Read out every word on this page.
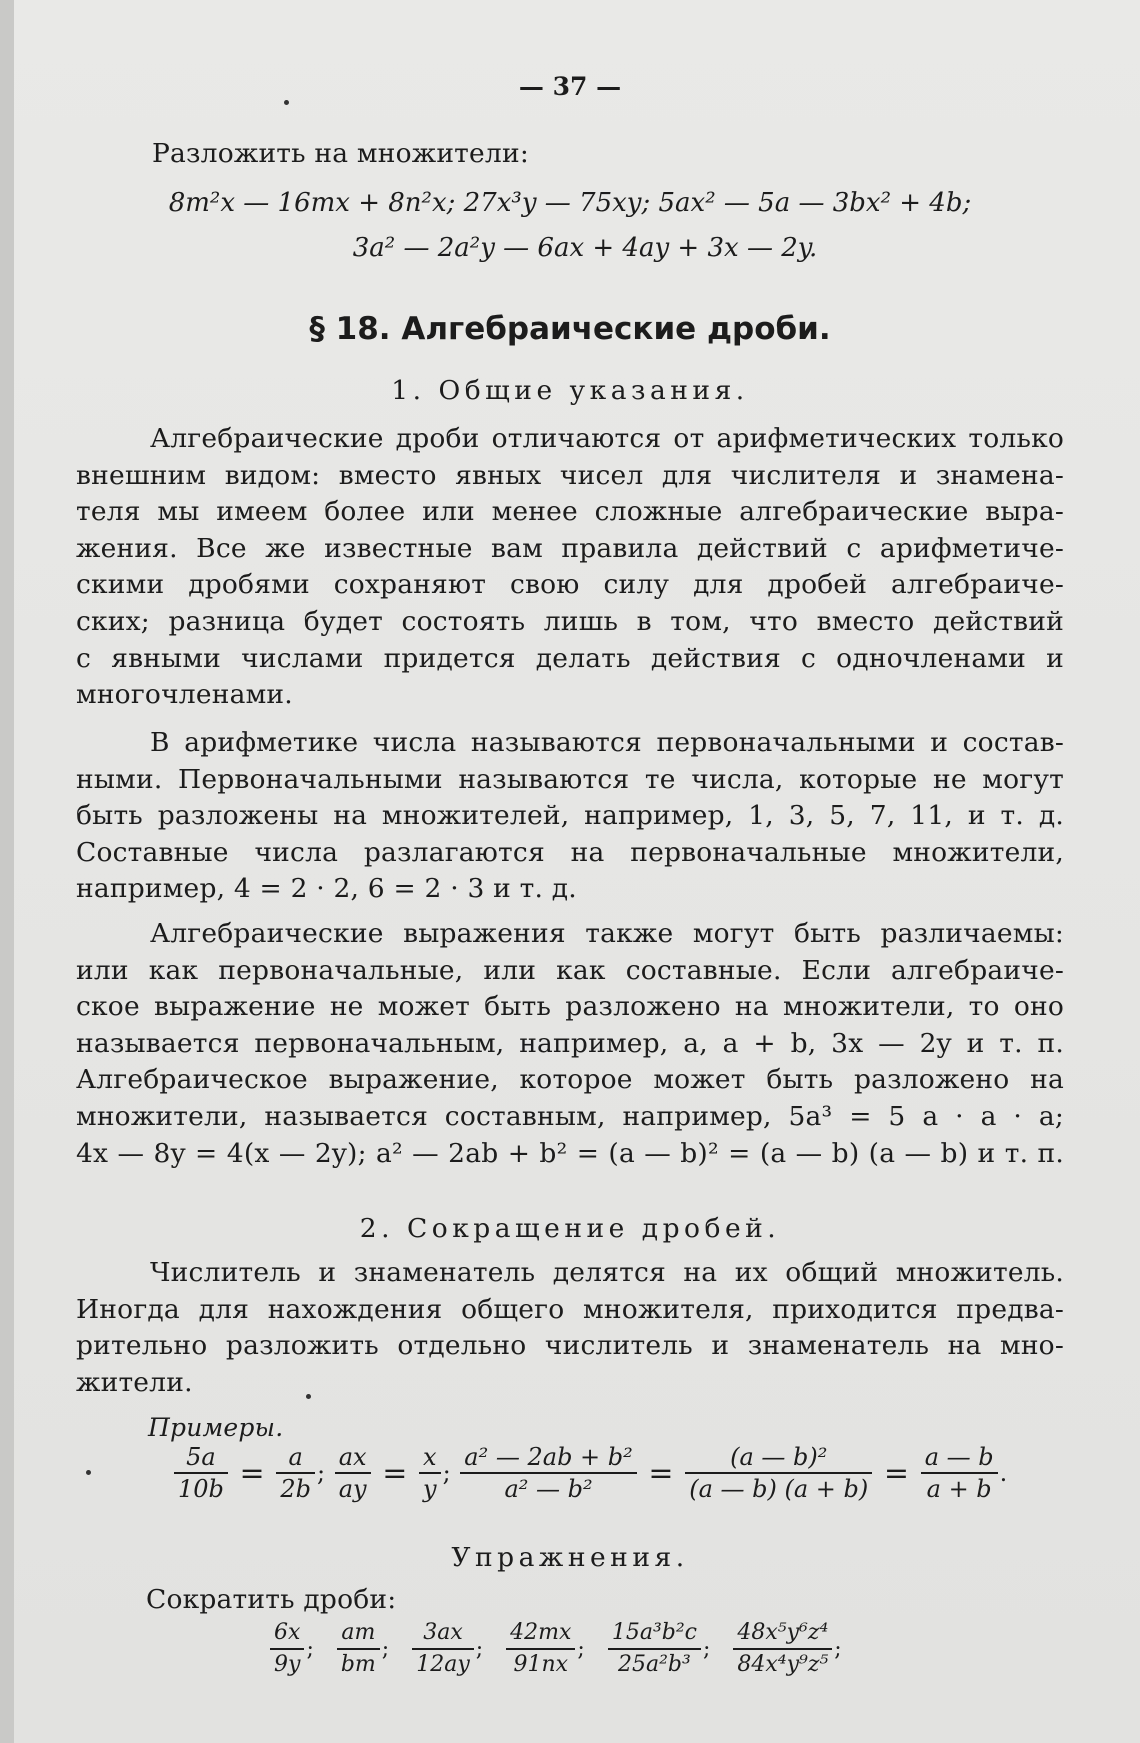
— 37 —
Разложить на множители:
8m²x — 16mx + 8n²x; 27x³y — 75xy; 5ax² — 5a — 3bx² + 4b;
3a² — 2a²y — 6ax + 4ay + 3x — 2y.
§ 18. Алгебраические дроби.
1. Общие указания.
Алгебраические дроби отличаются от арифметических только
внешним видом: вместо явных чисел для числителя и знамена-
теля мы имеем более или менее сложные алгебраические выра-
жения. Все же известные вам правила действий с арифметиче-
скими дробями сохраняют свою силу для дробей алгебраиче-
ских; разница будет состоять лишь в том, что вместо действий
с явными числами придется делать действия с одночленами и
многочленами.
В арифметике числа называются первоначальными и состав-
ными. Первоначальными называются те числа, которые не могут
быть разложены на множителей, например, 1, 3, 5, 7, 11, и т. д.
Составные числа разлагаются на первоначальные множители,
например, 4 = 2 · 2, 6 = 2 · 3 и т. д.
Алгебраические выражения также могут быть различаемы:
или как первоначальные, или как составные. Если алгебраиче-
ское выражение не может быть разложено на множители, то оно
называется первоначальным, например, a, a + b, 3x — 2y и т. п.
Алгебраическое выражение, которое может быть разложено на
множители, называется составным, например, 5a³ = 5 a · a · a;
4x — 8y = 4(x — 2y); a² — 2ab + b² = (a — b)² = (a — b) (a — b) и т. п.
2. Сокращение дробей.
Числитель и знаменатель делятся на их общий множитель.
Иногда для нахождения общего множителя, приходится предва-
рительно разложить отдельно числитель и знаменатель на мно-
жители.
Примеры.
$\frac{5a}{10b} = \frac{a}{2b}$ ; $\frac{ax}{ay} = \frac{x}{y}$ ; $\frac{\text{a² — 2ab + b²}}{\text{a² — b²}} = \frac{\text{(a — b)²}}{(a — b) (a + b)} = \frac{a — b}{a + b}$ .
Упражнения.
Сократить дроби:
$\frac{6x}{9y}$ ; $\frac{am}{bm}$ ; $\frac{3ax}{12ay}$ ; $\frac{42mx}{91nx}$ ; $\frac{\text{15a³b²c}}{\text{25a²b³}}$ ; $\frac{\text{48x⁵y⁶z⁴}}{\text{84x⁴y⁹z⁵}}$ ;
